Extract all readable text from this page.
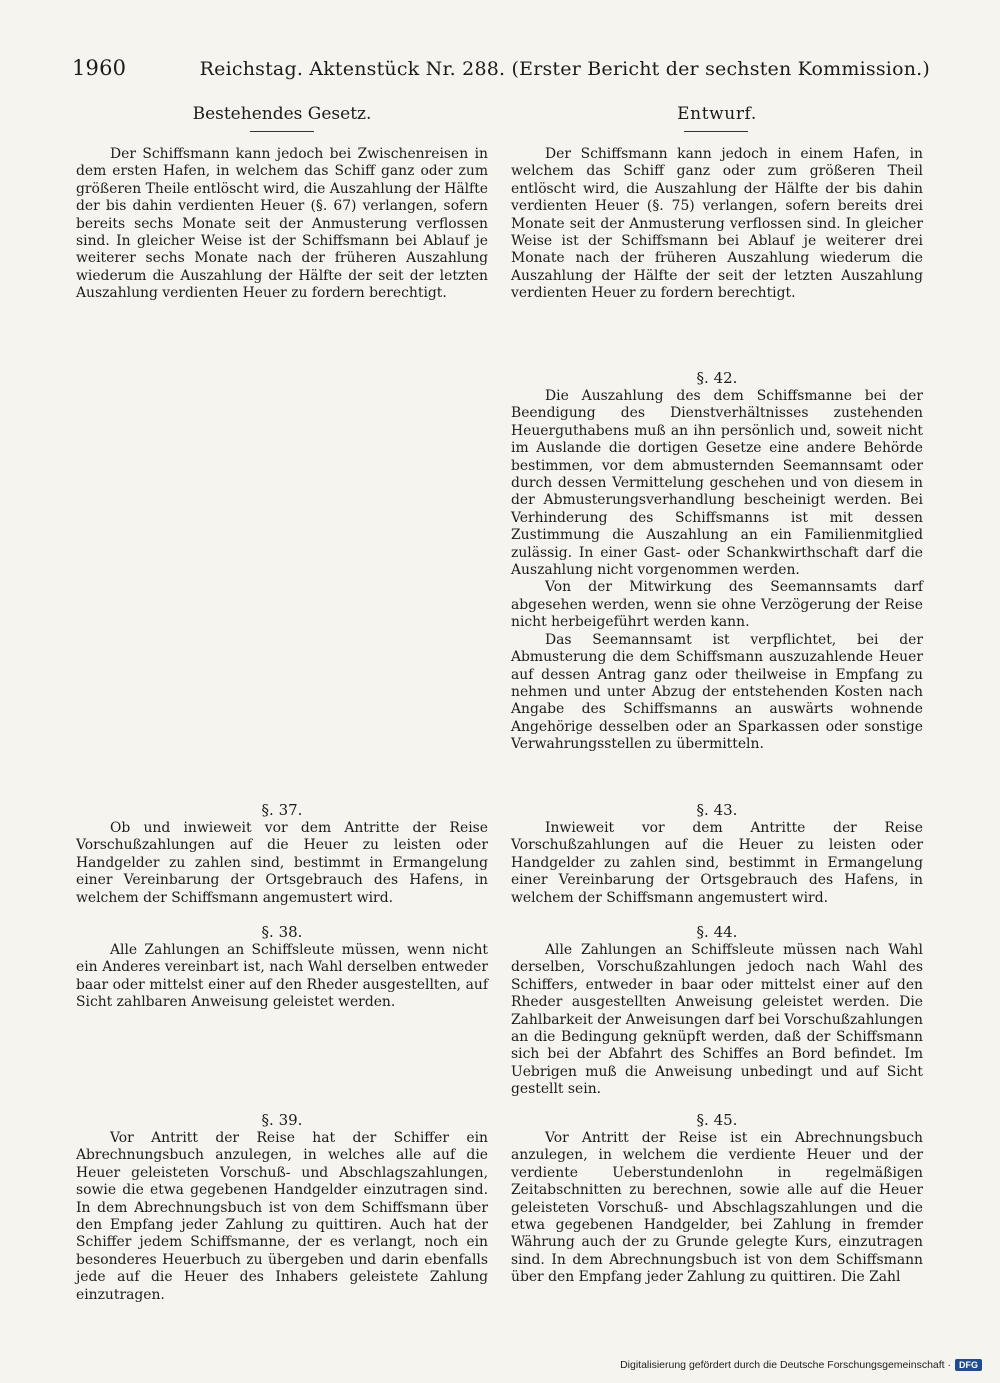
1960	Reichstag. Aktenstück Nr. 288. (Erster Bericht der sechsten Kommission.)
Bestehendes Gesetz.

Der Schiffsmann kann jedoch bei Zwischenreisen in dem ersten Hafen, in welchem das Schiff ganz oder zum größeren Theile entlöscht wird, die Auszahlung der Hälfte der bis dahin verdienten Heuer (§. 67) verlangen, sofern bereits sechs Monate seit der Anmusterung verflossen sind. In gleicher Weise ist der Schiffsmann bei Ablauf je weiterer sechs Monate nach der früheren Auszahlung wiederum die Auszahlung der Hälfte der seit der letzten Auszahlung verdienten Heuer zu fordern berechtigt.

§. 37.

Ob und inwieweit vor dem Antritte der Reise Vorschußzahlungen auf die Heuer zu leisten oder Handgelder zu zahlen sind, bestimmt in Ermangelung einer Vereinbarung der Ortsgebrauch des Hafens, in welchem der Schiffsmann angemustert wird.

§. 38.

Alle Zahlungen an Schiffsleute müssen, wenn nicht ein Anderes vereinbart ist, nach Wahl derselben entweder baar oder mittelst einer auf den Rheder ausgestellten, auf Sicht zahlbaren Anweisung geleistet werden.

§. 39.

Vor Antritt der Reise hat der Schiffer ein Abrechnungsbuch anzulegen, in welches alle auf die Heuer geleisteten Vorschuß- und Abschlagszahlungen, sowie die etwa gegebenen Handgelder einzutragen sind. In dem Abrechnungsbuch ist von dem Schiffsmann über den Empfang jeder Zahlung zu quittiren. Auch hat der Schiffer jedem Schiffsmanne, der es verlangt, noch ein besonderes Heuerbuch zu übergeben und darin ebenfalls jede auf die Heuer des Inhabers geleistete Zahlung einzutragen.

Entwurf.

Der Schiffsmann kann jedoch in einem Hafen, in welchem das Schiff ganz oder zum größeren Theil entlöscht wird, die Auszahlung der Hälfte der bis dahin verdienten Heuer (§. 75) verlangen, sofern bereits drei Monate seit der Anmusterung verflossen sind. In gleicher Weise ist der Schiffsmann bei Ablauf je weiterer drei Monate nach der früheren Auszahlung wiederum die Auszahlung der Hälfte der seit der letzten Auszahlung verdienten Heuer zu fordern berechtigt.

§. 42.

Die Auszahlung des dem Schiffsmanne bei der Beendigung des Dienstverhältnisses zustehenden Heuerguthabens muß an ihn persönlich und, soweit nicht im Auslande die dortigen Gesetze eine andere Behörde bestimmen, vor dem abmusternden Seemannsamt oder durch dessen Vermittelung geschehen und von diesem in der Abmusterungsverhandlung bescheinigt werden. Bei Verhinderung des Schiffsmanns ist mit dessen Zustimmung die Auszahlung an ein Familienmitglied zulässig. In einer Gast- oder Schankwirthschaft darf die Auszahlung nicht vorgenommen werden.

Von der Mitwirkung des Seemannsamts darf abgesehen werden, wenn sie ohne Verzögerung der Reise nicht herbeigeführt werden kann.

Das Seemannsamt ist verpflichtet, bei der Abmusterung die dem Schiffsmann auszuzahlende Heuer auf dessen Antrag ganz oder theilweise in Empfang zu nehmen und unter Abzug der entstehenden Kosten nach Angabe des Schiffsmanns an auswärts wohnende Angehörige desselben oder an Sparkassen oder sonstige Verwahrungsstellen zu übermitteln.

§. 43.

Inwieweit vor dem Antritte der Reise Vorschußzahlungen auf die Heuer zu leisten oder Handgelder zu zahlen sind, bestimmt in Ermangelung einer Vereinbarung der Ortsgebrauch des Hafens, in welchem der Schiffsmann angemustert wird.

§. 44.

Alle Zahlungen an Schiffsleute müssen nach Wahl derselben, Vorschußzahlungen jedoch nach Wahl des Schiffers, entweder in baar oder mittelst einer auf den Rheder ausgestellten Anweisung geleistet werden. Die Zahlbarkeit der Anweisungen darf bei Vorschußzahlungen an die Bedingung geknüpft werden, daß der Schiffsmann sich bei der Abfahrt des Schiffes an Bord befindet. Im Uebrigen muß die Anweisung unbedingt und auf Sicht gestellt sein.

§. 45.

Vor Antritt der Reise ist ein Abrechnungsbuch anzulegen, in welchem die verdiente Heuer und der verdiente Ueberstundenlohn in regelmäßigen Zeitabschnitten zu berechnen, sowie alle auf die Heuer geleisteten Vorschuß- und Abschlagszahlungen und die etwa gegebenen Handgelder, bei Zahlung in fremder Währung auch der zu Grunde gelegte Kurs, einzutragen sind. In dem Abrechnungsbuch ist von dem Schiffsmann über den Empfang jeder Zahlung zu quittiren. Die Zahl

Digitalisierung gefördert durch die Deutsche Forschungsgemeinschaft · DFG
